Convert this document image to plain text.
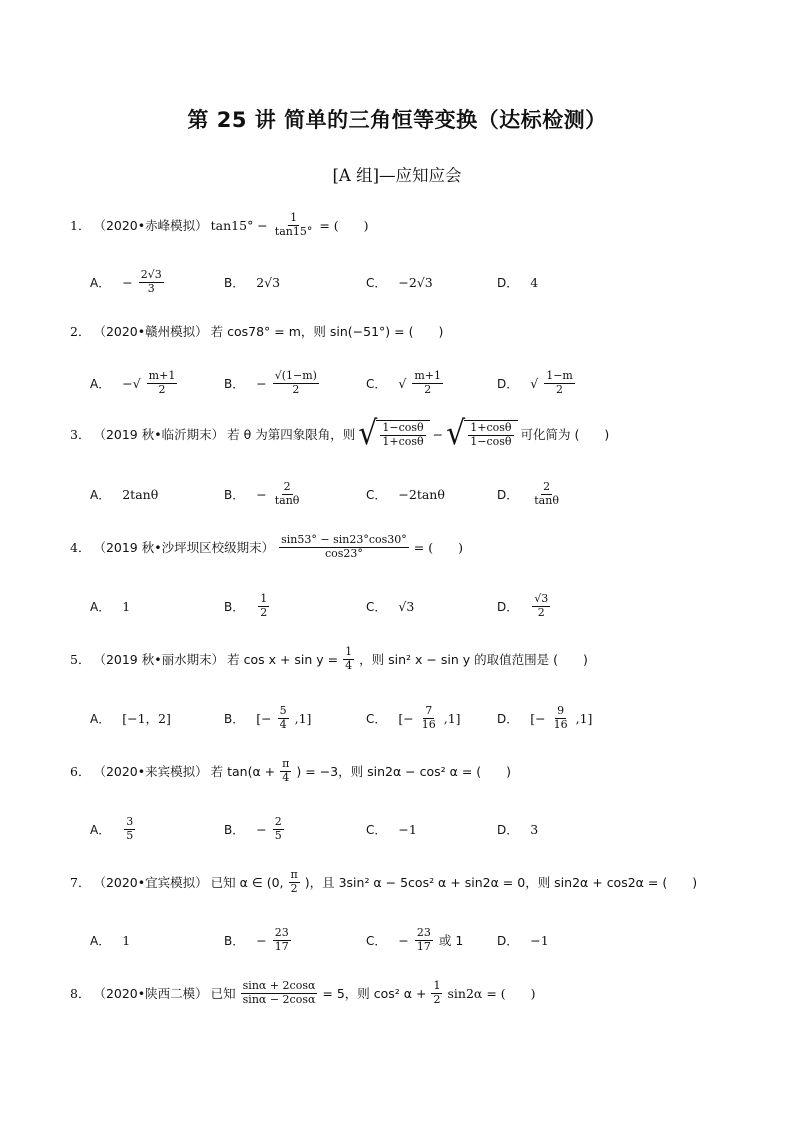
第 25 讲 简单的三角恒等变换（达标检测）
[A 组]—应知应会
1． （2020•赤峰模拟） $\tan 15^\circ - \frac{1}{\tan 15^\circ}$ = (　　)
A． − $\frac{2√3}{3}$	B． 2√3	C． −2√3	D． 4
2． （2020•赣州模拟） 若 cos78° = m，则 sin(−51°) = (　　)
A． −√ $\frac{m+1}{2}$	B． − $\frac{√(1-m)}{2}$	C． √ $\frac{m+1}{2}$	D． √ $\frac{1-m}{2}$
3． （2019 秋•临沂期末） 若 θ 为第四象限角，则 √ $\frac{1-\cos\theta}{1+\cos\theta}$ − √ $\frac{1+\cos\theta}{1-\cos\theta}$ 可化简为 (　　)
A． 2tanθ	B． − $\frac{2}{\tan\theta}$	C． −2tanθ	D． $\frac{2}{\tan\theta}$
4． （2019 秋•沙坪坝区校级期末） $\frac{\sin 53^\circ - \sin 23^\circ\cos 30^\circ}{\cos 23^\circ}$ = (　　)
A． 1	B． $\frac{1}{2}$	C． √3	D． $\frac{√3}{2}$
5． （2019 秋•丽水期末） 若 $\cos x + \sin y = \frac{1}{4}$ ，则 sin² x − sin y 的取值范围是 (　　)
A． [−1，2]	B． [− $\frac{5}{4} ,1$]	C． [− $\frac{7}{16} ,1$]	D． [− $\frac{9}{16} ,1$]
6． （2020•来宾模拟） 若 $\tan(\alpha + \frac{\pi}{4}$ ) = −3，则 sin2α − cos² α = (　　)
A． $\frac{3}{5}$	B． − $\frac{2}{5}$	C． −1	D． 3
7． （2020•宜宾模拟） 已知 α ∈ (0, $\frac{\pi}{2}$ )，且 3sin² α − 5cos² α + sin2α = 0，则 sin2α + cos2α = (　　)
A． 1	B． − $\frac{23}{17}$	C． − $\frac{23}{17}$ 或 1	D． −1
8． （2020•陕西二模） 已知 $\frac{\sin\alpha + 2\cos\alpha}{\sin\alpha - 2\cos\alpha} = 5$，则 cos² $\alpha + \frac{1}{2} \sin 2\alpha$ = (　　)
